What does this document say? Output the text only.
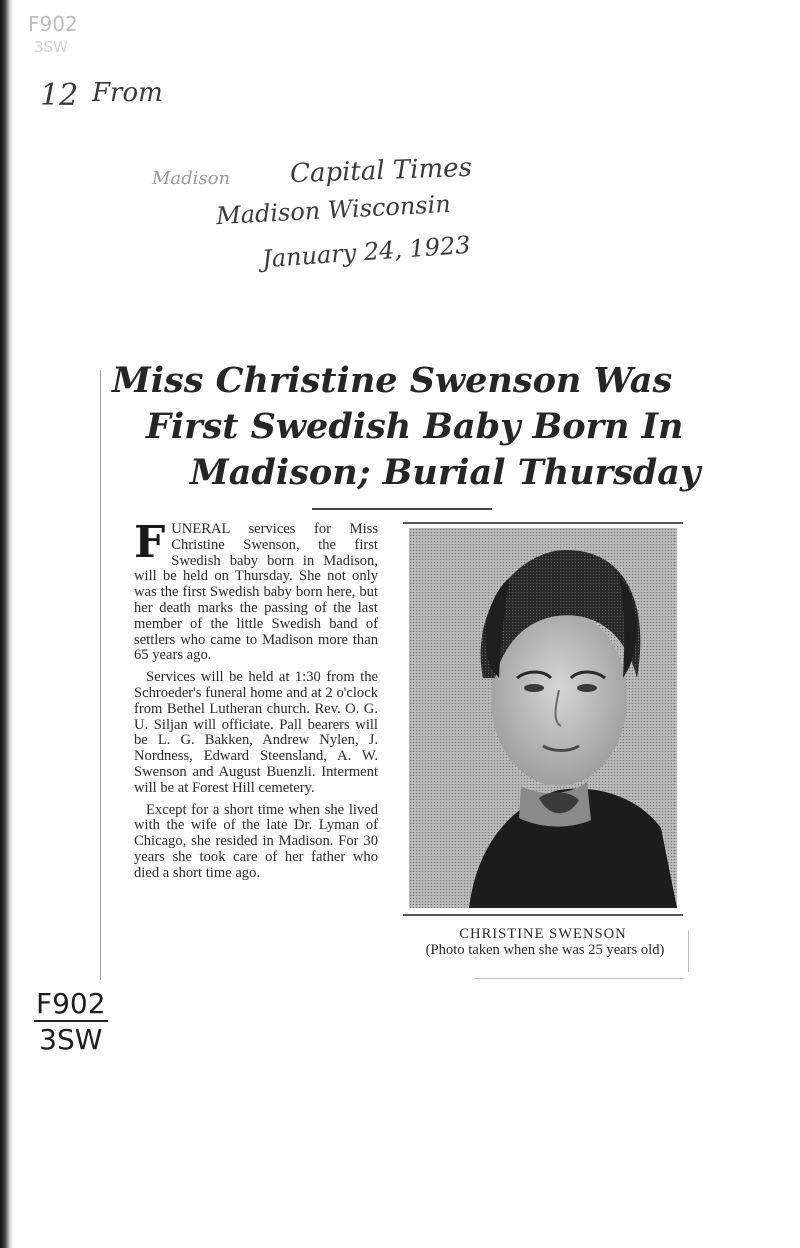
F902
3SW
12 From
Madison Capital Times
Madison Wisconsin
January 24, 1923
Miss Christine Swenson Was
First Swedish Baby Born In
Madison; Burial Thursday

FUNERAL services for Miss Christine Swenson, the first Swedish baby born in Madison, will be held on Thursday. She not only was the first Swedish baby born here, but her death marks the passing of the last member of the little Swedish band of settlers who came to Madison more than 65 years ago.

Services will be held at 1:30 from the Schroeder's funeral home and at 2 o'clock from Bethel Lutheran church. Rev. O. G. U. Siljan will officiate. Pall bearers will be L. G. Bakken, Andrew Nylen, J. Nordness, Edward Steensland, A. W. Swenson and August Buenzli. Interment will be at Forest Hill cemetery.

Except for a short time when she lived with the wife of the late Dr. Lyman of Chicago, she resided in Madison. For 30 years she took care of her father who died a short time ago.

CHRISTINE SWENSON
(Photo taken when she was 25 years old)
F902
3SW
